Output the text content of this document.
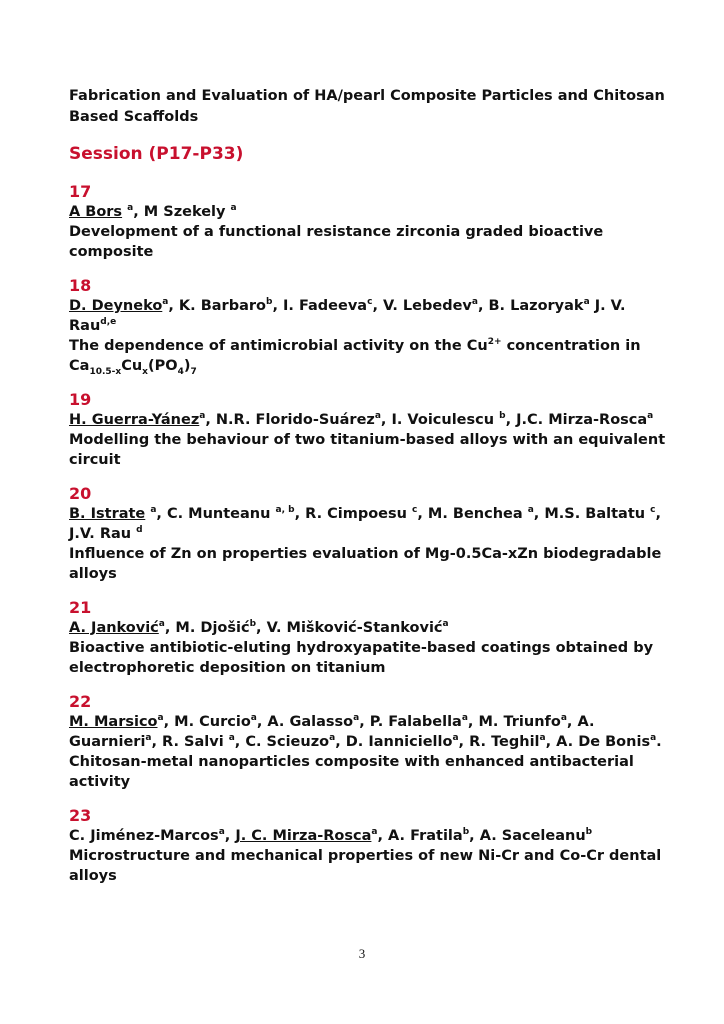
Fabrication and Evaluation of HA/pearl Composite Particles and Chitosan Based Scaffolds

Session (P17-P33)

17
A Bors $^a$, M Szekely $^a$
Development of a functional resistance zirconia graded bioactive composite
18
D. Deyneko$^a$, K. Barbaro$^b$, I. Fadeeva$^c$, V. Lebedev$^a$, B. Lazoryak$^a$ J. V. Rau$^{d,e}$
The dependence of antimicrobial activity on the $Cu^{2+}$ concentration in $Ca_{10.5-x}Cu_x(PO_4)_7$
19
H. Guerra-Yánez$^a$, N.R. Florido-Suárez$^a$, I. Voiculescu $^b$, J.C. Mirza-Rosca$^a$
Modelling the behaviour of two titanium-based alloys with an equivalent circuit
20
B. Istrate $^a$, C. Munteanu $^{a, b}$, R. Cimpoesu $^c$, M. Benchea $^a$, M.S. Baltatu $^c$, J.V. Rau $^d$
Influence of Zn on properties evaluation of Mg-0.5Ca-xZn biodegradable alloys
21
A. Janković$^a$, M. Djošić$^b$, V. Mišković-Stanković$^a$
Bioactive antibiotic-eluting hydroxyapatite-based coatings obtained by electrophoretic deposition on titanium
22
M. Marsico$^a$, M. Curcio$^a$, A. Galasso$^a$, P. Falabella$^a$, M. Triunfo$^a$, A. Guarnieri$^a$, R. Salvi $^a$, C. Scieuzo$^a$, D. Ianniciello$^a$, R. Teghil$^a$, A. De Bonis$^a$.
Chitosan-metal nanoparticles composite with enhanced antibacterial activity
23
C. Jiménez-Marcos$^a$, J. C. Mirza-Rosca$^a$, A. Fratila$^b$, A. Saceleanu$^b$
Microstructure and mechanical properties of new Ni-Cr and Co-Cr dental alloys
3
